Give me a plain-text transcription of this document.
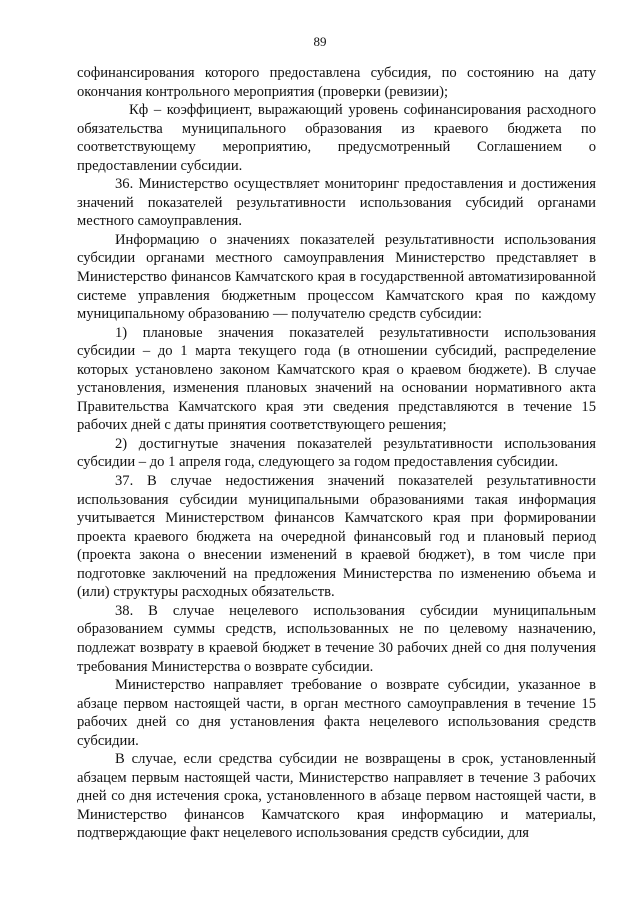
89

софинансирования которого предоставлена субсидия, по состоянию на дату окончания контрольного мероприятия (проверки (ревизии);

Кф – коэффициент, выражающий уровень софинансирования расходного обязательства муниципального образования из краевого бюджета по соответствующему мероприятию, предусмотренный Соглашением о предоставлении субсидии.

36. Министерство осуществляет мониторинг предоставления и достижения значений показателей результативности использования субсидий органами местного самоуправления.

Информацию о значениях показателей результативности использования субсидии органами местного самоуправления Министерство представляет в Министерство финансов Камчатского края в государственной автоматизированной системе управления бюджетным процессом Камчатского края по каждому муниципальному образованию — получателю средств субсидии:

1) плановые значения показателей результативности использования субсидии – до 1 марта текущего года (в отношении субсидий, распределение которых установлено законом Камчатского края о краевом бюджете). В случае установления, изменения плановых значений на основании нормативного акта Правительства Камчатского края эти сведения представляются в течение 15 рабочих дней с даты принятия соответствующего решения;

2) достигнутые значения показателей результативности использования субсидии – до 1 апреля года, следующего за годом предоставления субсидии.

37. В случае недостижения значений показателей результативности использования субсидии муниципальными образованиями такая информация учитывается Министерством финансов Камчатского края при формировании проекта краевого бюджета на очередной финансовый год и плановый период (проекта закона о внесении изменений в краевой бюджет), в том числе при подготовке заключений на предложения Министерства по изменению объема и (или) структуры расходных обязательств.

38. В случае нецелевого использования субсидии муниципальным образованием суммы средств, использованных не по целевому назначению, подлежат возврату в краевой бюджет в течение 30 рабочих дней со дня получения требования Министерства о возврате субсидии.

Министерство направляет требование о возврате субсидии, указанное в абзаце первом настоящей части, в орган местного самоуправления в течение 15 рабочих дней со дня установления факта нецелевого использования средств субсидии.

В случае, если средства субсидии не возвращены в срок, установленный абзацем первым настоящей части, Министерство направляет в течение 3 рабочих дней со дня истечения срока, установленного в абзаце первом настоящей части, в Министерство финансов Камчатского края информацию и материалы, подтверждающие факт нецелевого использования средств субсидии, для
